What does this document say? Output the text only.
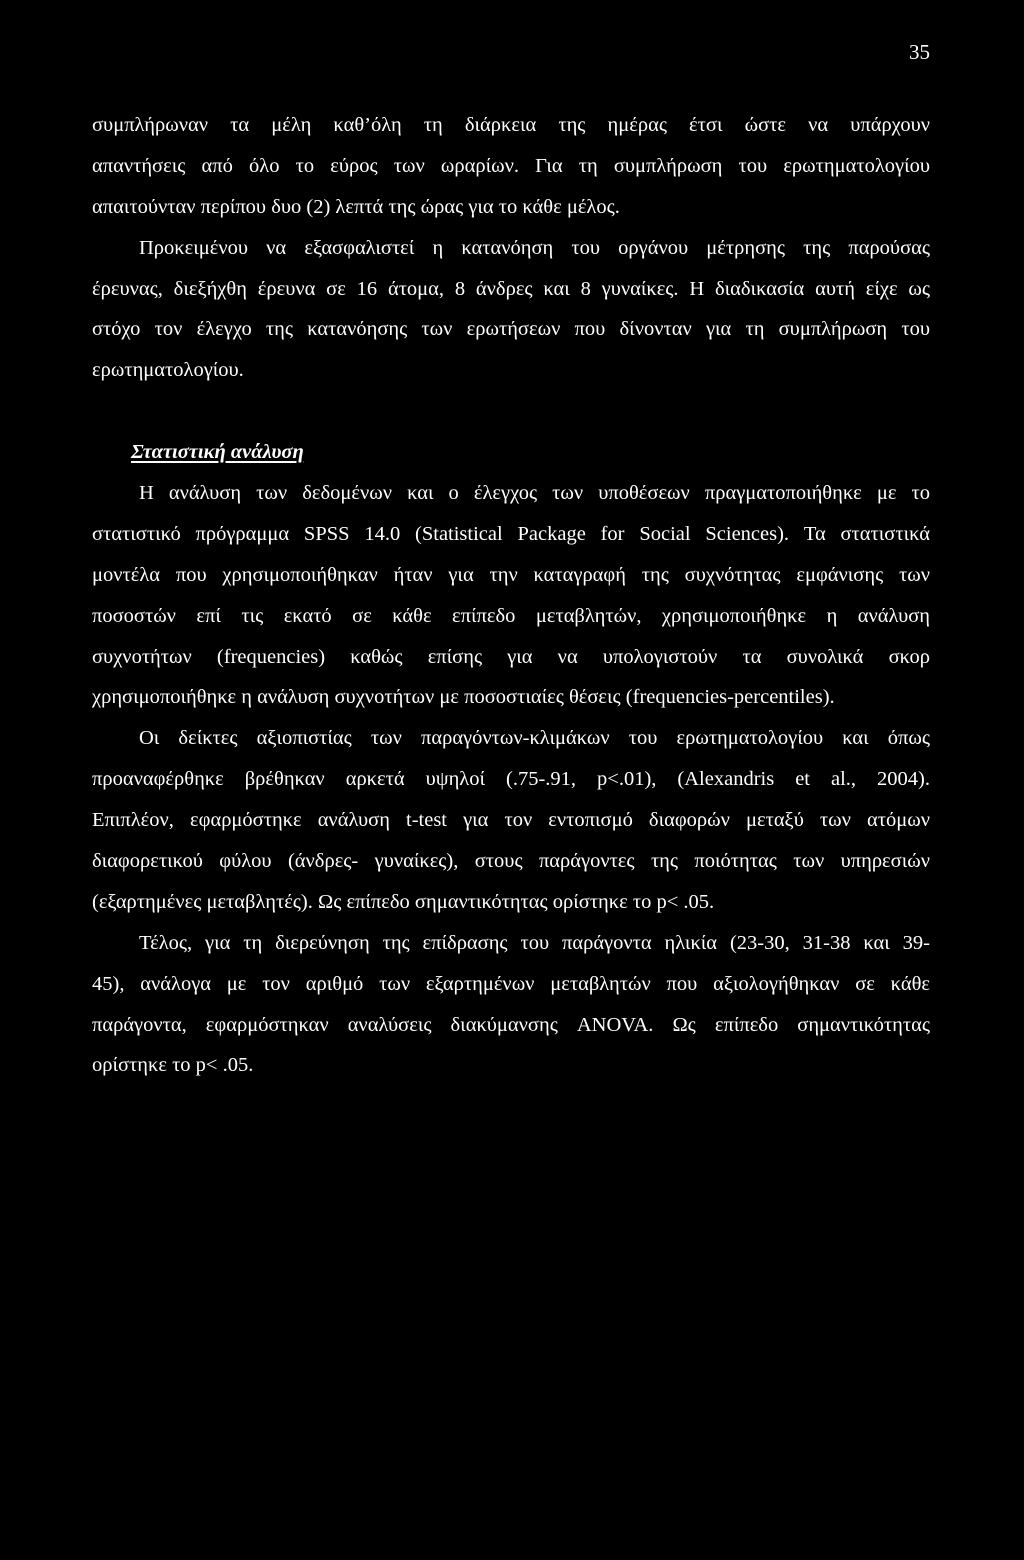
35
συμπλήρωναν τα μέλη καθ’όλη τη διάρκεια της ημέρας έτσι ώστε να υπάρχουν
απαντήσεις από όλο το εύρος των ωραρίων. Για τη συμπλήρωση του ερωτηματολογίου
απαιτούνταν περίπου δυο (2) λεπτά της ώρας για το κάθε μέλος.
Προκειμένου να εξασφαλιστεί η κατανόηση του οργάνου μέτρησης της παρούσας
έρευνας, διεξήχθη έρευνα σε 16 άτομα, 8 άνδρες και 8 γυναίκες. Η διαδικασία αυτή είχε ως
στόχο τον έλεγχο της κατανόησης των ερωτήσεων που δίνονταν για τη συμπλήρωση του
ερωτηματολογίου.
Στατιστική ανάλυση
Η ανάλυση των δεδομένων και ο έλεγχος των υποθέσεων πραγματοποιήθηκε με το
στατιστικό πρόγραμμα SPSS 14.0 (Statistical Package for Social Sciences). Τα στατιστικά
μοντέλα που χρησιμοποιήθηκαν ήταν για την καταγραφή της συχνότητας εμφάνισης των
ποσοστών επί τις εκατό σε κάθε επίπεδο μεταβλητών, χρησιμοποιήθηκε η ανάλυση
συχνοτήτων (frequencies) καθώς επίσης για να υπολογιστούν τα συνολικά σκορ
χρησιμοποιήθηκε η ανάλυση συχνοτήτων με ποσοστιαίες θέσεις (frequencies-percentiles).
Οι δείκτες αξιοπιστίας των παραγόντων-κλιμάκων του ερωτηματολογίου και όπως
προαναφέρθηκε βρέθηκαν αρκετά υψηλοί (.75-.91, p<.01), (Alexandris et al., 2004).
Επιπλέον, εφαρμόστηκε ανάλυση t-test για τον εντοπισμό διαφορών μεταξύ των ατόμων
διαφορετικού φύλου (άνδρες- γυναίκες), στους παράγοντες της ποιότητας των υπηρεσιών
(εξαρτημένες μεταβλητές). Ως επίπεδο σημαντικότητας ορίστηκε το p< .05.
Τέλος, για τη διερεύνηση της επίδρασης του παράγοντα ηλικία (23-30, 31-38 και 39-
45), ανάλογα με τον αριθμό των εξαρτημένων μεταβλητών που αξιολογήθηκαν σε κάθε
παράγοντα, εφαρμόστηκαν αναλύσεις διακύμανσης ANOVA. Ως επίπεδο σημαντικότητας
ορίστηκε το p< .05.
